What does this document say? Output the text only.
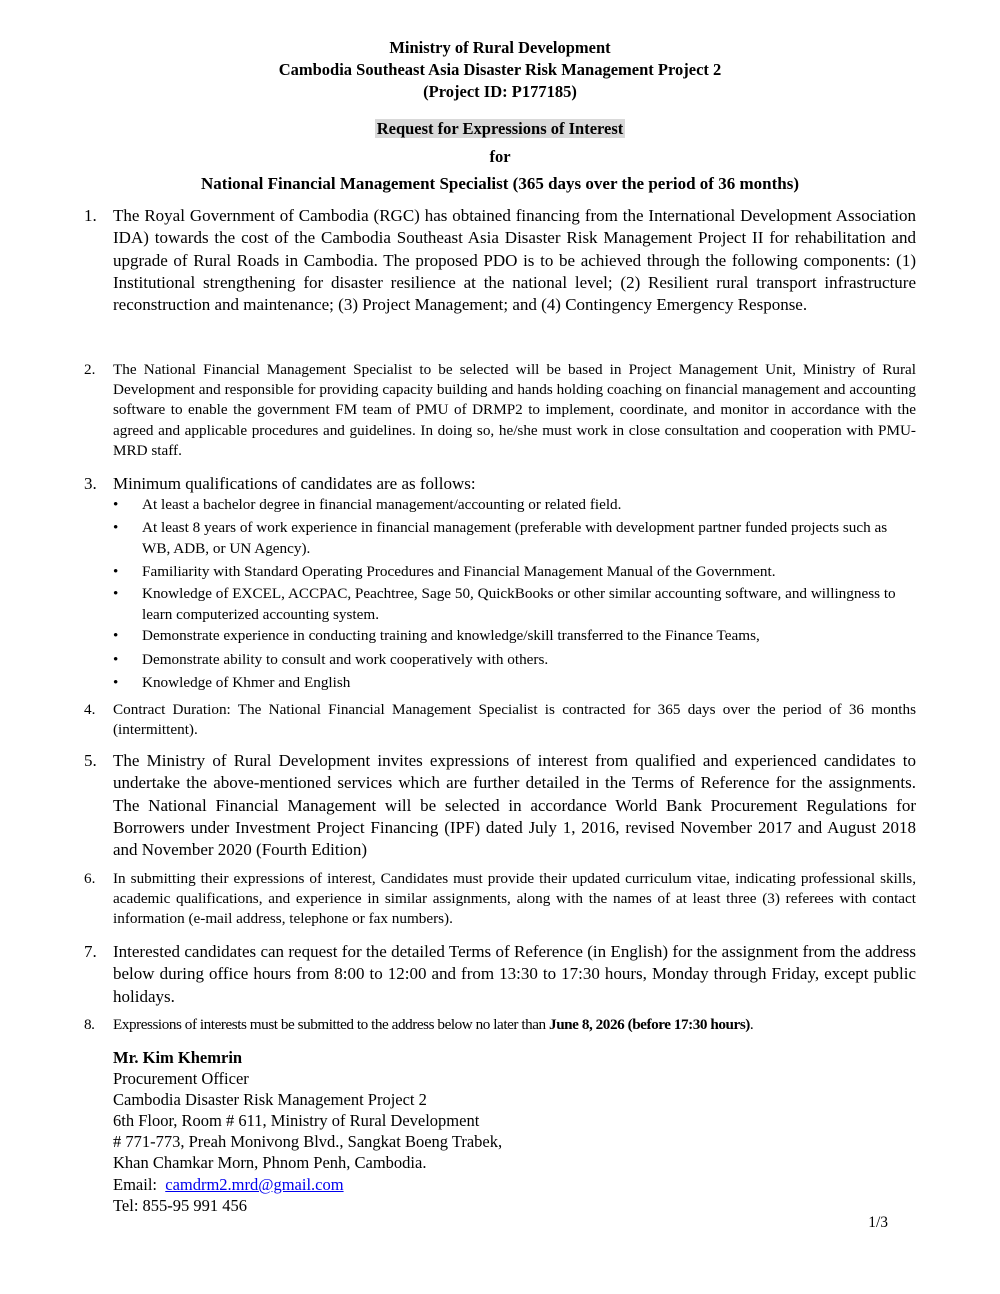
Ministry of Rural Development
Cambodia Southeast Asia Disaster Risk Management Project 2
(Project ID: P177185)
Request for Expressions of Interest
for
National Financial Management Specialist (365 days over the period of 36 months)
1. The Royal Government of Cambodia (RGC) has obtained financing from the International Development Association IDA) towards the cost of the Cambodia Southeast Asia Disaster Risk Management Project II for rehabilitation and upgrade of Rural Roads in Cambodia. The proposed PDO is to be achieved through the following components: (1) Institutional strengthening for disaster resilience at the national level; (2) Resilient rural transport infrastructure reconstruction and maintenance; (3) Project Management; and (4) Contingency Emergency Response.
2. The National Financial Management Specialist to be selected will be based in Project Management Unit, Ministry of Rural Development and responsible for providing capacity building and hands holding coaching on financial management and accounting software to enable the government FM team of PMU of DRMP2 to implement, coordinate, and monitor in accordance with the agreed and applicable procedures and guidelines. In doing so, he/she must work in close consultation and cooperation with PMU-MRD staff.
3. Minimum qualifications of candidates are as follows:
• At least a bachelor degree in financial management/accounting or related field.
• At least 8 years of work experience in financial management (preferable with development partner funded projects such as WB, ADB, or UN Agency).
• Familiarity with Standard Operating Procedures and Financial Management Manual of the Government.
• Knowledge of EXCEL, ACCPAC, Peachtree, Sage 50, QuickBooks or other similar accounting software, and willingness to learn computerized accounting system.
• Demonstrate experience in conducting training and knowledge/skill transferred to the Finance Teams,
• Demonstrate ability to consult and work cooperatively with others.
• Knowledge of Khmer and English
4. Contract Duration: The National Financial Management Specialist is contracted for 365 days over the period of 36 months (intermittent).
5. The Ministry of Rural Development invites expressions of interest from qualified and experienced candidates to undertake the above-mentioned services which are further detailed in the Terms of Reference for the assignments. The National Financial Management will be selected in accordance World Bank Procurement Regulations for Borrowers under Investment Project Financing (IPF) dated July 1, 2016, revised November 2017 and August 2018 and November 2020 (Fourth Edition)
6. In submitting their expressions of interest, Candidates must provide their updated curriculum vitae, indicating professional skills, academic qualifications, and experience in similar assignments, along with the names of at least three (3) referees with contact information (e-mail address, telephone or fax numbers).
7. Interested candidates can request for the detailed Terms of Reference (in English) for the assignment from the address below during office hours from 8:00 to 12:00 and from 13:30 to 17:30 hours, Monday through Friday, except public holidays.
8. Expressions of interests must be submitted to the address below no later than June 8, 2026 (before 17:30 hours).
Mr. Kim Khemrin
Procurement Officer
Cambodia Disaster Risk Management Project 2
6th Floor, Room # 611, Ministry of Rural Development
# 771-773, Preah Monivong Blvd., Sangkat Boeng Trabek,
Khan Chamkar Morn, Phnom Penh, Cambodia.
Email: camdrm2.mrd@gmail.com
Tel: 855-95 991 456
1/3
